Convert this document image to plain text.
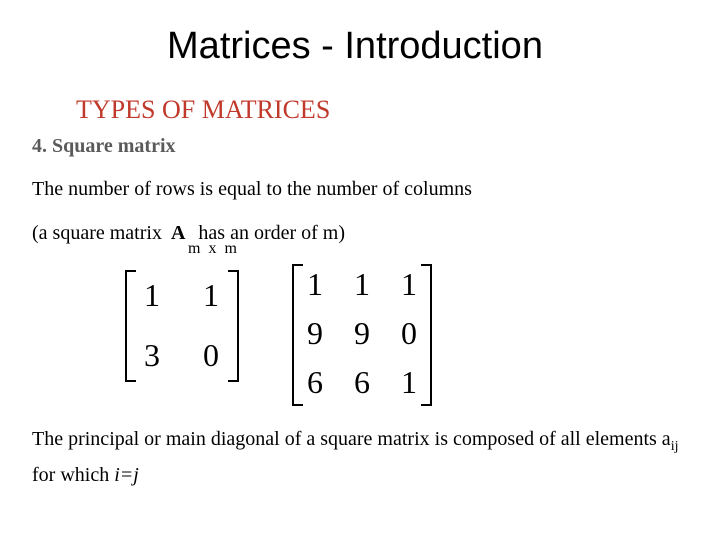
Matrices - Introduction
TYPES OF MATRICES
4. Square matrix
The number of rows is equal to the number of columns
(a square matrix A has an order of m)
m x m
1 1
3 0
1 1 1
9 9 0
6 6 1
The principal or main diagonal of a square matrix is composed of all elements $a_{ij}$ for which i=j
